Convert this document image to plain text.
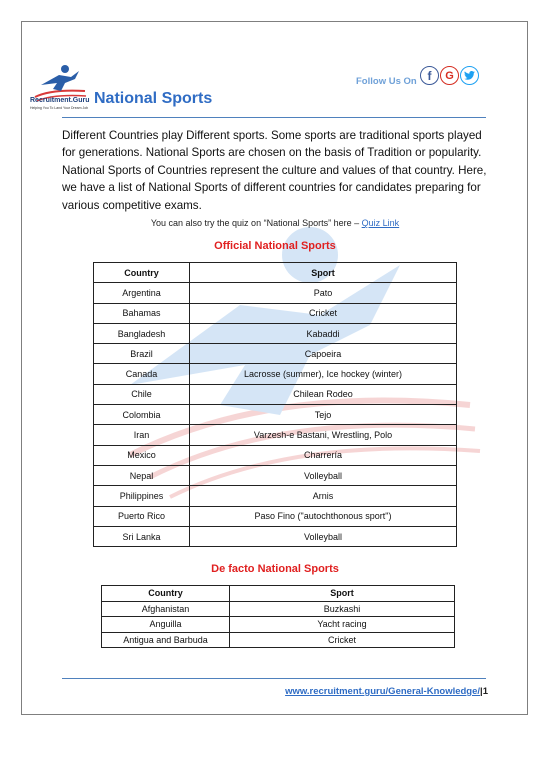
Recruitment.Guru
Helping You To Land Your Dream Job
Follow Us On f	G
National Sports
Different Countries play Different sports. Some sports are traditional sports played for generations. National Sports are chosen on the basis of Tradition or popularity. National Sports of Countries represent the culture and values of that country. Here, we have a list of National Sports of different countries for candidates preparing for various competitive exams.
You can also try the quiz on “National Sports” here – Quiz Link
Official National Sports
Country	Sport
Argentina	Pato
Bahamas	Cricket
Bangladesh	Kabaddi
Brazil	Capoeira
Canada	Lacrosse (summer), Ice hockey (winter)
Chile	Chilean Rodeo
Colombia	Tejo
Iran	Varzesh-e Bastani, Wrestling, Polo
Mexico	Charrería
Nepal	Volleyball
Philippines	Arnis
Puerto Rico	Paso Fino ("autochthonous sport")
Sri Lanka	Volleyball
De facto National Sports
Country	Sport
Afghanistan	Buzkashi
Anguilla	Yacht racing
Antigua and Barbuda	Cricket
www.recruitment.guru/General-Knowledge/|1
